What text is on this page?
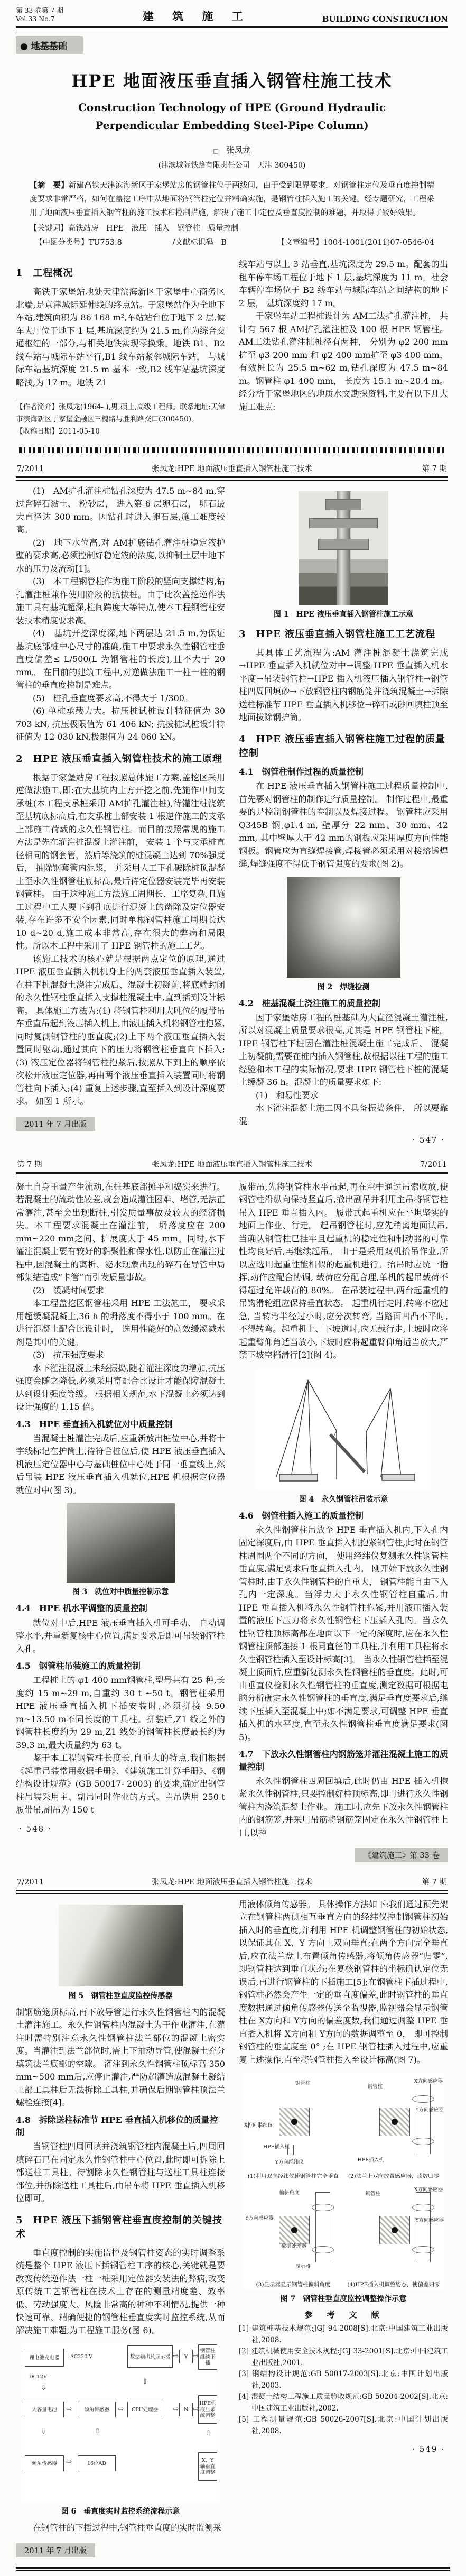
第 33 卷第 7 期
Vol.33 No.7	建 筑 施 工	BUILDING CONSTRUCTION
● 地基基础
HPE 地面液压垂直插入钢管柱施工技术
Construction Technology of HPE (Ground Hydraulic
Perpendicular Embedding Steel-Pipe Column)
□ 张凤龙
(津滨城际铁路有限责任公司　天津 300450)
【摘　要】新建高铁天津滨海新区于家堡站房的钢管柱位于两线间，由于受到限界要求，对钢管柱定位及垂直度控制精度要求非常严格，如何在盖挖工序中从地面将钢管柱定位并精确实施，是钢管柱插入施工的关键。经专题研究，工程采用了地面液压垂直插入钢管柱的施工技术和控制措施，解决了施工中定位及垂直度控制的难题，并取得了较好效果。
【关键词】高铁站房　HPE　液压　插入　钢管柱　质量控制
【中图分类号】TU753.8	/文献标识码　B	【文章编号】1004-1001(2011)07-0546-04
1　工程概况
高铁于家堡站地处天津滨海新区于家堡中心商务区北端,是京津城际延伸线的终点站。于家堡站作为全地下车站,建筑面积为 86 168 m²,车站站台位于地下 2 层,候车大厅位于地下 1 层,基坑深度约为 21.5 m,作为综合交通枢纽的一部分,与相关地铁实现零换乘。地铁 B1、B2 线车站与城际车站平行,B1 线车站紧邻城际车站， 与城际车站基坑深度 21.5 m 基本一致,B2 线车站基坑深度略浅,为 17 m。地铁 Z1
【作者简介】张凤龙(1964- ),男,硕士,高级工程师。联系地址:天津市滨海新区于家堡金融区三槐路与胜利路交口(300450)。
【收稿日期】2011-05-10
线车站与以上 3 站垂直,基坑深度为 29.5 m。配套的出租车停车场工程位于地下 1 层,基坑深度为 11 m。社会车辆停车场位于 B2 线车站与城际车站之间结构的地下 2 层， 基坑深度约 17 m。
于家堡车站工程桩设计为 AM工法扩孔灌注桩， 共计有 567 根 AM扩孔灌注桩及 100 根 HPE 钢管柱。AM工法钻孔灌注桩桩径有两种， 分别为 φ2 200 mm扩至 φ3 200 mm 和 φ2 400 mm扩至 φ3 400 mm， 有效桩长为 25.5 m~62 m,钻孔深度为 47.5 m~84 m。钢管柱 φ1 400 mm， 长度为 15.1 m~20.4 m。经分析于家堡地区的地质水文勘探资料,主要有以下几大施工难点:
7/2011	张凤龙:HPE 地面液压垂直插入钢管柱施工技术	第 7 期
(1)　AM扩孔灌注桩钻孔深度为 47.5 m~84 m,穿过含碎石黏土、 粉砂层， 进入第 6 层卵石层， 卵石最大直径达 300 mm。因钻孔时进入卵石层,施工难度较高。
(2)　地下水位高,对 AM扩底钻孔灌注桩稳定液护壁的要求高,必须控制好稳定液的浓度,以抑制土层中地下水的压力及流动[1]。
(3)　本工程钢管柱作为施工阶段的竖向支撑结构,钻孔灌注桩兼作使用阶段的抗拔桩。由于此次盖挖逆作法施工具有基坑超深,柱间跨度大等特点,使本工程钢管柱安装技术精度要求高。
(4)　基坑开挖深度深,地下两层达 21.5 m,为保证基坑底部桩中心尺寸的准确,施工中要求永久性钢管柱垂直度偏差≤ L/500(L 为钢管柱的长度),且不大于 20 mm。 在目前的建筑工程中,对逆做法施工一柱一桩的钢管柱的垂直度控制是难点。
(5)　桩孔垂直度要求高,不得大于 1/300。
(6) 单桩承载力大。抗压桩试桩设计特征值为 30 703 kN, 抗压极限值为 61 406 kN; 抗拔桩试桩设计特征值为 12 030 kN,极限值为 24 060 kN。
2　HPE 液压垂直插入钢管柱技术的施工原理
根据于家堡站房工程按照总体施工方案,盖挖区采用逆做法施工,即:在大基坑内土方开挖之前,先施作中间支承桩(本工程支承桩采用 AM扩孔灌注桩),待灌注桩浇筑至基坑底标高后,在支承桩上部安装 1 根逆作施工的支承上部施工荷载的永久性钢管柱。而目前按照常规的施工方法是先在灌注桩混凝土灌注前， 安装 1 个与支承桩直径相同的钢套管，然后等浇筑的桩混凝土达到 70%强度后， 抽除钢套管内泥浆， 并采用人工下孔破除桩顶混凝土至永久性钢管柱底标高,最后待定位器安装完毕再安装钢管柱。 由于这种施工方法施工周期长、工序复杂,且施工过程中工人要下到孔底进行混凝土的凿除及定位器安装,存在许多不安全因素,同时单根钢管柱施工周期长达 10 d~20 d,施工成本非常高,存在很大的弊病和局限性。所以本工程中采用了 HPE 钢管柱的施工工艺。
该施工技术的核心就是根据两点定位的原理,通过 HPE 液压垂直插入机机身上的两套液压垂直插入装置,在柱下桩混凝土浇注完成后、混凝土初凝前,将底端封闭的永久性钢柱垂直插入支撑柱混凝土中,直到插到设计标高。 具体施工方法为:(1) 将钢管柱利用大吨位的履带吊车垂直吊起到液压插入机上,由液压插入机将钢管柱抱紧,同时复测钢管柱的垂直度;(2)上下两个液压垂直插入装置同时驱动,通过其向下的压力将钢管柱垂直向下插入;(3) 液压定位器将钢管柱抱紧后,按照从下到上的顺序依次松开液压定位器,再由两个液压垂直插入装置同时将钢管柱向下插入;(4) 重复上述步骤,直至插入到设计深度要求。 如图 1 所示。
2011 年 7 月出版
图 1　HPE 液压垂直插入钢管柱施工示意
3　HPE 液压垂直插入钢管柱施工工艺流程
其具体工艺流程为:AM 灌注桩混凝土浇筑完成→HPE 垂直插入机就位对中→调整 HPE 垂直插入机水平度→吊装钢管柱→HPE 插入机液压插入钢管柱→钢管柱四周回填砂→下放钢管柱内钢筋笼并浇筑混凝土→拆除送柱标准节 HPE 垂直插入机移位→碎石或砂回填柱顶至地面拔除钢护筒。
4　HPE 液压垂直插入钢管柱施工过程的质量控制
4.1　钢管柱制作过程的质量控制
在 HPE 液压垂直插入钢管柱施工过程质量控制中,首先要对钢管柱的制作进行质量控制。 制作过程中,最重要的是控制钢管柱的卷制以及焊接过程。 钢管柱应采用 Q345B 钢,φ1.4 m, 壁厚分 22 mm、30 mm、42 mm, 其中壁厚大于 42 mm的钢板应采用厚度方向性能钢板。钢管应为直缝焊接管,焊接管必须采用对接熔透焊缝,焊缝强度不得低于钢管强度的要求(图 2)。
图 2　焊缝检测
4.2　桩基混凝土浇注施工的质量控制
因于家堡站房工程的桩基础为大直径混凝土灌注桩,所以对混凝土质量要求很高,尤其是 HPE 钢管柱下桩。 HPE 钢管柱下桩因在灌注桩混凝土施工完成后、 混凝土初凝前,需要在桩内插入钢管柱,故根据以往工程的施工经验和本工程的实际情况,要求 HPE 钢管柱下桩的混凝土缓凝 36 h。混凝土的质量要求如下:
(1)　和易性要求
水下灌注混凝土施工因不具备振捣条件， 所以要靠混
· 547 ·
第 7 期	张凤龙:HPE 地面液压垂直插入钢管柱施工技术	7/2011
凝土自身重量产生流动,在桩基底部摊平和捣实来进行。 若混凝土的流动性较差,就会造成灌注困难、堵管,无法正常灌注,甚至会出现断桩,引发质量事故及较大的经济损失。本工程要求混凝土在灌注前， 坍落度应在 200 mm~220 mm之间、扩展度大于 45 mm。同时,水下灌注混凝土要有较好的黏聚性和保水性,以防止在灌注过程中,因混凝土的离析、泌水现象出现的碎石在导管中局部集结造成“卡管”而引发质量事故。
(2)　缓凝时间要求
本工程盖挖区钢管柱采用 HPE 工法施工， 要求采用超缓凝混凝土,36 h 的坍落度不得小于 100 mm。在进行混凝土配合比设计时， 选用性能好的高效缓凝减水剂是其中的关键。
(3)　抗压强度要求
水下灌注混凝土未经振捣,随着灌注深度的增加,抗压强度会随之降低,必须采用富配合比设计才能保障混凝土达到设计强度等级。 根据相关规范,水下混凝土必须达到设计强度的 1.15 倍。
4.3　HPE 垂直插入机就位对中质量控制
当混凝土桩灌注完成后,应重新放出桩位中心,并将十字线标记在护筒上,待符合桩位后,使 HPE 液压垂直插入机液压定位器中心与基础桩位中心处于同一垂直线上,然后吊装 HPE 液压垂直插入机就位,HPE 机根据定位器就位对中(图 3)。
图 3　就位对中质量控制示意
4.4　HPE 机水平调整的质量控制
就位对中后,HPE 液压垂直插入机可手动、 自动调整水平,并重新复核中心位置,满足要求后即可吊装钢管柱入孔。
4.5　钢管柱吊装施工的质量控制
工程桩上的 φ1 400 mm钢管柱,型号共有 25 种,长度约 15 m~29 m,自重约 30 t ~50 t。钢管柱采用 HPE 液压垂直插入机下插安装时,必须拼接 9.50 m~13.50 m不同长度的工具柱。拼装后,Z1 线之外的钢管柱长度约为 29 m,Z1 线处的钢管柱长度最长约为 39.3 m,最大质量约为 63 t。
鉴于本工程钢管柱长度长,自重大的特点,我们根据《起重吊装常用数据手册》、《建筑施工计算手册》、《钢结构设计规范》(GB 50017- 2003) 的要求,确定出钢管柱吊装采用主、副吊同时作业的方式。主吊选用 250 t 履带吊,副吊为 150 t
· 548 ·
履带吊,先将钢管柱水平吊起,再在空中通过吊索收放,使钢管柱沿纵向保持竖直后,撤出副吊并利用主吊将钢管柱吊入 HPE 垂直插入内。 履带式起重机应在平坦坚实的地面上作业、行走。 起吊钢管柱时,应先稍离地面试吊,当确认钢管柱已挂牢且起重机的稳定性和制动器的可靠性均良好后,再继续起吊。 由于是采用双机抬吊作业,所以应选用起重性能相似的起重机进行。抬吊时应统一指挥,动作应配合协调, 载荷应分配合理,单机的起吊载荷不得超过允许载荷的 80%。 在吊装过程中,两台起重机的吊钩滑轮组应保持垂直状态。 起重机行走时,转弯不应过急, 当转弯半径过小时,应分次转弯, 当路面凹凸不平时,不得转弯。起重机上、下坡道时,应无载行走,上坡时应将起重臂仰角适当放小,下坡时应将起重臂仰角适当放大,严禁下坡空档滑行[2](图 4)。
图 4　永久钢管柱吊装示意
4.6　钢管柱插入施工的质量控制
永久性钢管柱吊放至 HPE 垂直插入机内,下入孔内固定深度后,由 HPE 垂直插入机抱紧钢管柱,此时在钢管柱周围两个不同的方向， 使用经纬仪复测永久性钢管柱垂直度,满足要求后垂直插入孔内。 刚开始下放永久性钢管柱时,由于永久性钢管柱的自重大， 钢管柱能自由下入孔内一定深度。当浮力大于永久性钢管柱自重后,由 HPE 垂直插入机将永久性钢管柱抱紧,并用液压插入装置的液压下压力将永久性钢管柱下压插入孔内。当永久性钢管柱顶标高都在地面以下一定的深度时,应在永久性钢管柱顶部连接 1 根同直径的工具柱,并利用工具柱将永久性钢管柱插入至设计标高[3]。 当永久性钢管柱插至混凝土顶面后,应重新复测永久性钢管柱的垂直度。此时,可由垂直仪检测永久性钢管柱的垂直度,测定数据可根据电脑分析确定永久性钢管柱的垂直度,满足垂直度要求后,继续下压插入至混凝土中;如不满足要求,可调整 HPE 垂直插入机的水平度,直至永久性钢管柱垂直度满足要求(图 5)。
4.7　下放永久性钢管柱内钢筋笼并灌注混凝土施工的质量控制
永久性钢管柱四周回填后,此时仍由 HPE 插入机抱紧永久性钢管柱,只要控制好柱顶标高,即可进行永久性钢管柱内浇筑混凝土作业。 施工时,应先下放永久性钢管柱内的钢筋笼,并采用吊筋将钢筋笼固定在永久性钢管柱上口,以控
《建筑施工》第 33 卷
7/2011	张凤龙:HPE 地面液压垂直插入钢管柱施工技术	第 7 期
图 5　钢管柱垂直度监控传感器
制钢筋笼顶标高,再下放导管进行永久性钢管柱内的混凝土灌注施工。永久性钢管柱内混凝土为干作业灌注,在灌注时需特别注意永久性钢管柱法兰部位的混凝土密实度。当灌注到法兰部位时,需上下抽动导管,使混凝土充分填筑法兰底部的空隙。 灌注到永久性钢管柱顶标高 350 mm~500 mm后,应停止灌注,严防超灌造成混凝土凝结上部工具柱后无法拆除工具柱,并确保后期钢管柱顶法兰螺栓连接[4]。
4.8　拆除送柱标准节 HPE 垂直插入机移位的质量控制
当钢管柱四周回填并浇筑钢管柱内混凝土后,四周回填碎石已在固定永久性钢管柱中心位置,此时即可拆除上部送柱工具柱。待割除永久性钢管柱与送柱工具柱连接部位,并拆除送柱工具柱后,由吊车将 HPE 垂直插入机移位即可。
5　HPE 液压下插钢管柱垂直度控制的关键技术
垂直度控制的实施监控及钢管柱姿态的实时调整系统是整个 HPE 液压下插钢管柱工序的核心,关键就是要改变传统逆作法一柱一桩采用定位器安装法的弊病,改变原传统工艺钢管柱在技术上存在的测量精度差、效率低、劳动强度大、风险非常高的种种不利情况,提供一种快速可靠、精确便捷的钢管柱垂直度实时监控系统,从而解决施工难题,为工程施工服务(图 6)。
锂电池充电器	数据输出及显示器	Y
钢管柱继续下插
大容量电池	倾角传感器	CPU处理器	N
HPE机液压系统调整
倾角传感器	16位AD	X、Y轴垂直度调整
AC220 V
DC12V
⇨	⇨
⇨ ⇨
⇨ ⇨
⇩
⇩	⇧
⇨
⇧
⇩
图 6　垂直度实时监控系统流程示意
在钢管柱的下插过程中,钢管柱垂直度的实时监测采
2011 年 7 月出版
用液体倾角传感器。 具体操作方法如下:我们通过预先架立在钢管柱两侧相互垂直方向的经纬仪控制钢管柱初始插入时的垂直度,并利用 HPE 机调整钢管柱的初始状态,以保证其在 X、Y 方向上双向垂直;在两个方向完全垂直后,应在法兰盘上布置倾角传感器,将倾角传感器“归零”,即钢管柱达到垂直状态;在复核钢管柱的坐标确认定位无误后,再进行钢管柱的下插施工[5];在钢管柱下插过程中,钢管柱必然会产生一定的垂直度偏差,此时钢管柱的垂直度数据通过倾角传感器传送至监视器,监视器会显示钢管柱在 X方向和 Y方向的偏差度数,我们通过调整 HPE 垂直插入机将 X方向和 Y方向的数据调整至 0， 即可控制钢管柱的垂直度至 0° ;在 HPE 钢管柱插入过程中,应重复上述操作,直至将钢管柱插入至设计标高(图 7)。
钢管柱
X方向经纬仪
HPE插入机
Y方向经纬仪
(1)利用双向经纬仪使钢管柱完全垂直
钢管柱
X方向感应器
Y方向感应器
HPE插入机
(2)法兰上双向放置感应器，读数归零
偏斜角度
Y方向感应器
数据处理器
显示器
(3)显示器显示钢管柱偏斜角度
钢管柱
X方向感应器
Y方向感应器
(4)HPE插入机调整姿态，使偏差归零
图 7　钢管柱垂直度监控调整操作示意
参　考　文　献
[1] 建筑桩基技术规范:JGJ 94-2008[S].北京:中国建筑工业出版社,2008.
[2] 建筑机械使用安全技术规程:JGJ 33-2001[S].北京:中国建筑工业出版社,2001.
[3] 钢结构设计规范:GB 50017-2003[S].北京:中国计划出版社,2003.
[4] 混凝土结构工程施工质量验收规范:GB 50204-2002[S].北京:中国建筑工业出版社,2002.
[5] 工程测量规范:GB 50026-2007[S].北京:中国计划出版社,2008.
· 549 ·
